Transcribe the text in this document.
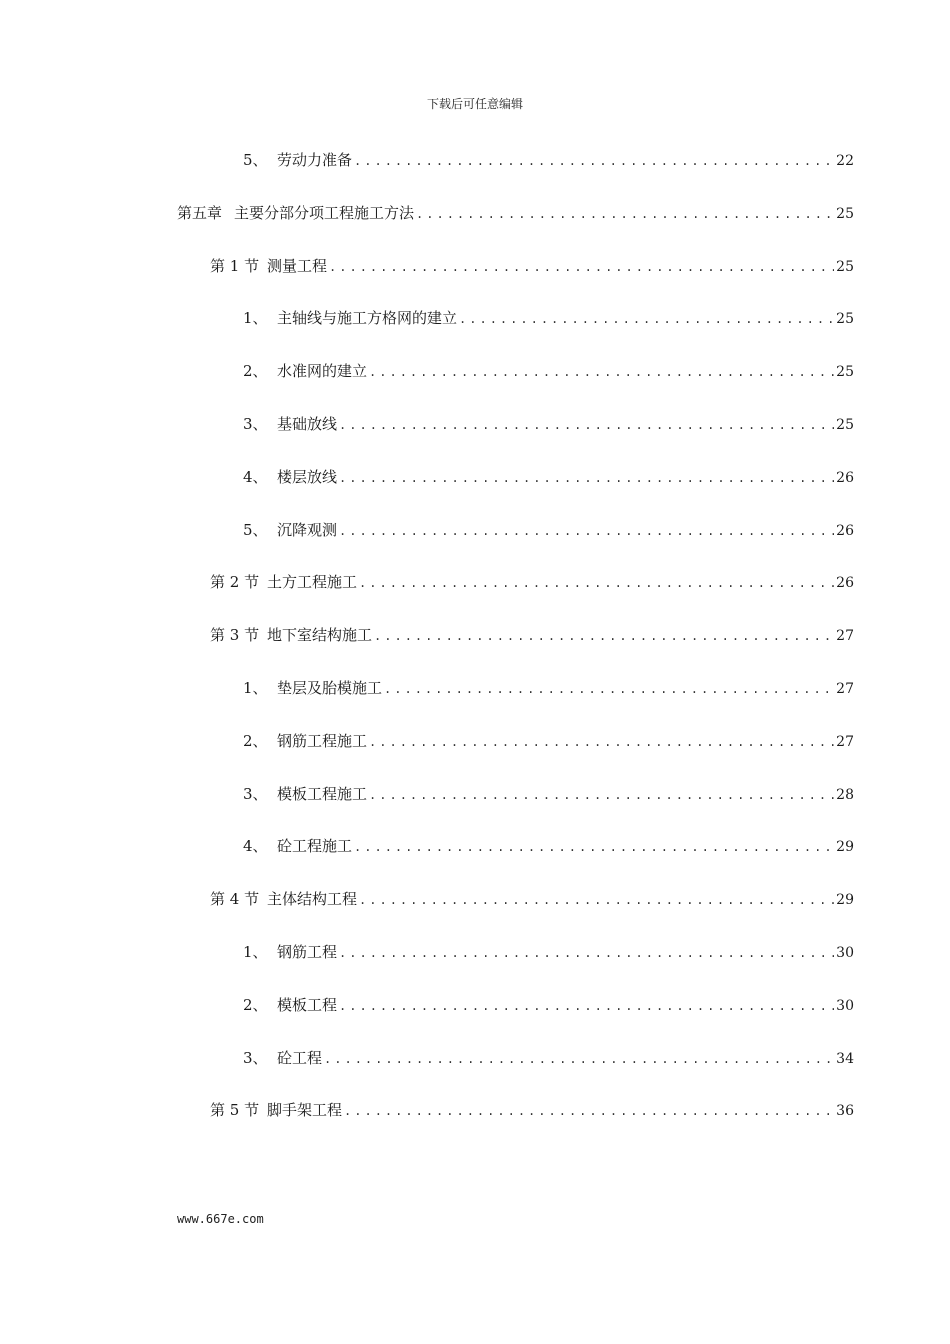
下载后可任意编辑
5、 劳动力准备 .....	22
第五章 主要分部分项工程施工方法 .....	25
第 1 节 测量工程 .....	25
1、 主轴线与施工方格网的建立 .....	25
2、 水准网的建立 .....	25
3、 基础放线 .....	25
4、 楼层放线 .....	26
5、 沉降观测 .....	26
第 2 节 土方工程施工 .....	26
第 3 节 地下室结构施工 .....	27
1、 垫层及胎模施工 .....	27
2、 钢筋工程施工 .....	27
3、 模板工程施工 .....	28
4、 砼工程施工 .....	29
第 4 节 主体结构工程 .....	29
1、 钢筋工程 .....	30
2、 模板工程 .....	30
3、 砼工程 .....	34
第 5 节 脚手架工程 .....	36
www.667e.com
